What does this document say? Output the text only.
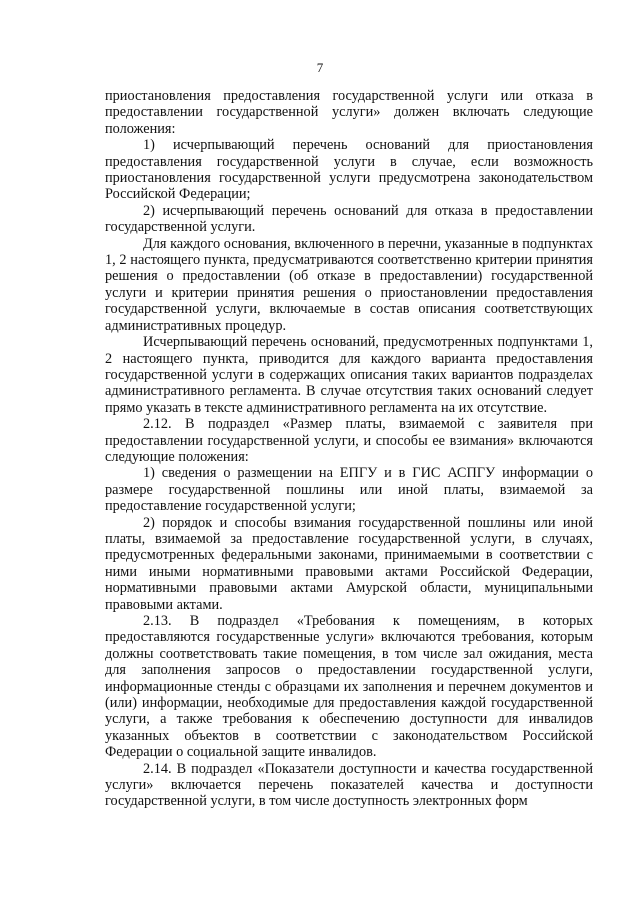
7

приостановления предоставления государственной услуги или отказа в предоставлении государственной услуги» должен включать следующие положения:

1) исчерпывающий перечень оснований для приостановления предоставления государственной услуги в случае, если возможность приостановления государственной услуги предусмотрена законодательством Российской Федерации;

2) исчерпывающий перечень оснований для отказа в предоставлении государственной услуги.

Для каждого основания, включенного в перечни, указанные в подпунктах 1, 2 настоящего пункта, предусматриваются соответственно критерии принятия решения о предоставлении (об отказе в предоставлении) государственной услуги и критерии принятия решения о приостановлении предоставления государственной услуги, включаемые в состав описания соответствующих административных процедур.

Исчерпывающий перечень оснований, предусмотренных подпунктами 1, 2 настоящего пункта, приводится для каждого варианта предоставления государственной услуги в содержащих описания таких вариантов подразделах административного регламента. В случае отсутствия таких оснований следует прямо указать в тексте административного регламента на их отсутствие.

2.12. В подраздел «Размер платы, взимаемой с заявителя при предоставлении государственной услуги, и способы ее взимания» включаются следующие положения:

1) сведения о размещении на ЕПГУ и в ГИС АСПГУ информации о размере государственной пошлины или иной платы, взимаемой за предоставление государственной услуги;

2) порядок и способы взимания государственной пошлины или иной платы, взимаемой за предоставление государственной услуги, в случаях, предусмотренных федеральными законами, принимаемыми в соответствии с ними иными нормативными правовыми актами Российской Федерации, нормативными правовыми актами Амурской области, муниципальными правовыми актами.

2.13. В подраздел «Требования к помещениям, в которых предоставляются государственные услуги» включаются требования, которым должны соответствовать такие помещения, в том числе зал ожидания, места для заполнения запросов о предоставлении государственной услуги, информационные стенды с образцами их заполнения и перечнем документов и (или) информации, необходимые для предоставления каждой государственной услуги, а также требования к обеспечению доступности для инвалидов указанных объектов в соответствии с законодательством Российской Федерации о социальной защите инвалидов.

2.14. В подраздел «Показатели доступности и качества государственной услуги» включается перечень показателей качества и доступности государственной услуги, в том числе доступность электронных форм
